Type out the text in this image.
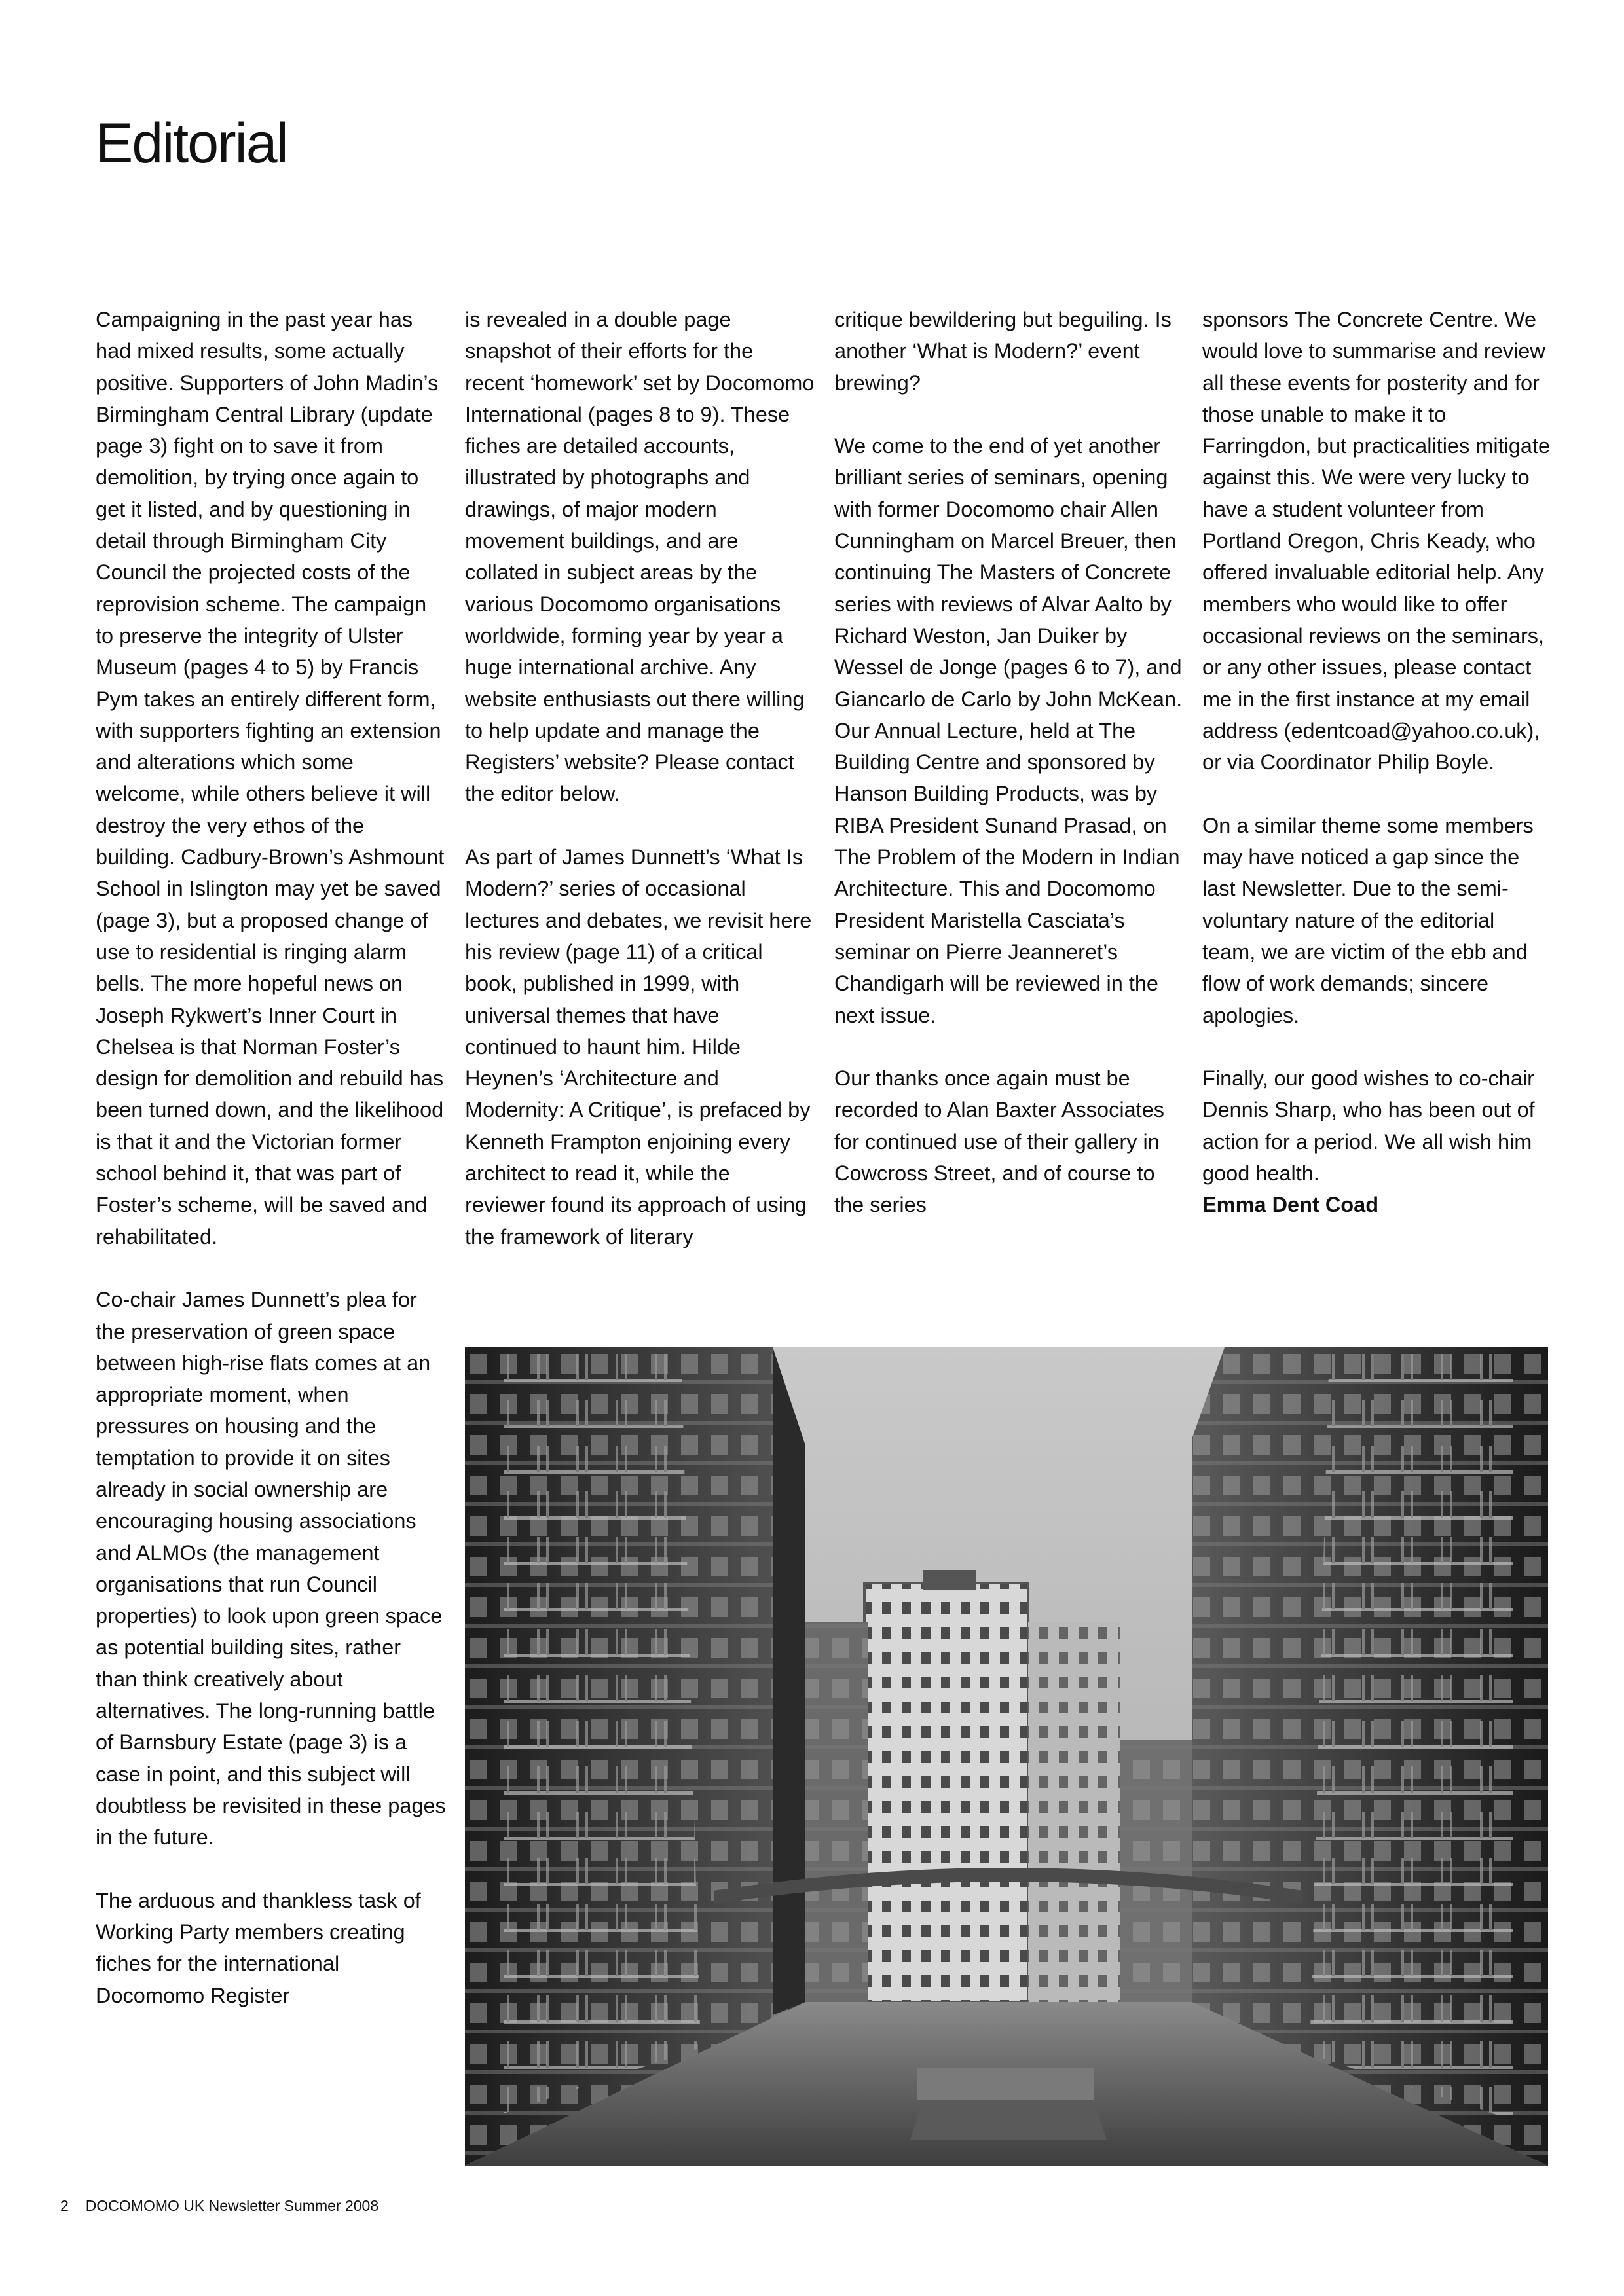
Editorial

Campaigning in the past year has had mixed results, some actually positive. Supporters of John Madin’s Birmingham Central Library (update page 3) fight on to save it from demolition, by trying once again to get it listed, and by questioning in detail through Birmingham City Council the projected costs of the reprovision scheme. The campaign to preserve the integrity of Ulster Museum (pages 4 to 5) by Francis Pym takes an entirely different form, with supporters fighting an extension and alterations which some welcome, while others believe it will destroy the very ethos of the building. Cadbury-Brown’s Ashmount School in Islington may yet be saved (page 3), but a proposed change of use to residential is ringing alarm bells. The more hopeful news on Joseph Rykwert’s Inner Court in Chelsea is that Norman Foster’s design for demolition and rebuild has been turned down, and the likelihood is that it and the Victorian former school behind it, that was part of Foster’s scheme, will be saved and rehabilitated.

Co-chair James Dunnett’s plea for the preservation of green space between high-rise flats comes at an appropriate moment, when pressures on housing and the temptation to provide it on sites already in social ownership are encouraging housing associations and ALMOs (the management organisations that run Council properties) to look upon green space as potential building sites, rather than think creatively about alternatives. The long-running battle of Barnsbury Estate (page 3) is a case in point, and this subject will doubtless be revisited in these pages in the future.

The arduous and thankless task of Working Party members creating fiches for the international Docomomo Register

is revealed in a double page snapshot of their efforts for the recent ‘homework’ set by Docomomo International (pages 8 to 9). These fiches are detailed accounts, illustrated by photographs and drawings, of major modern movement buildings, and are collated in subject areas by the various Docomomo organisations worldwide, forming year by year a huge international archive. Any website enthusiasts out there willing to help update and manage the Registers’ website? Please contact the editor below.

As part of James Dunnett’s ‘What Is Modern?’ series of occasional lectures and debates, we revisit here his review (page 11) of a critical book, published in 1999, with universal themes that have continued to haunt him. Hilde Heynen’s ‘Architecture and Modernity: A Critique’, is prefaced by Kenneth Frampton enjoining every architect to read it, while the reviewer found its approach of using the framework of literary

critique bewildering but beguiling. Is another ‘What is Modern?’ event brewing?

We come to the end of yet another brilliant series of seminars, opening with former Docomomo chair Allen Cunningham on Marcel Breuer, then continuing The Masters of Concrete series with reviews of Alvar Aalto by Richard Weston, Jan Duiker by Wessel de Jonge (pages 6 to 7), and Giancarlo de Carlo by John McKean. Our Annual Lecture, held at The Building Centre and sponsored by Hanson Building Products, was by RIBA President Sunand Prasad, on The Problem of the Modern in Indian Architecture. This and Docomomo President Maristella Casciata’s seminar on Pierre Jeanneret’s Chandigarh will be reviewed in the next issue.

Our thanks once again must be recorded to Alan Baxter Associates for continued use of their gallery in Cowcross Street, and of course to the series

sponsors The Concrete Centre. We would love to summarise and review all these events for posterity and for those unable to make it to Farringdon, but practicalities mitigate against this. We were very lucky to have a student volunteer from Portland Oregon, Chris Keady, who offered invaluable editorial help. Any members who would like to offer occasional reviews on the seminars, or any other issues, please contact me in the first instance at my email address (edentcoad@yahoo.co.uk), or via Coordinator Philip Boyle.

On a similar theme some members may have noticed a gap since the last Newsletter. Due to the semi-voluntary nature of the editorial team, we are victim of the ebb and flow of work demands; sincere apologies.

Finally, our good wishes to co-chair Dennis Sharp, who has been out of action for a period. We all wish him good health.
Emma Dent Coad

2 DOCOMOMO UK Newsletter Summer 2008
